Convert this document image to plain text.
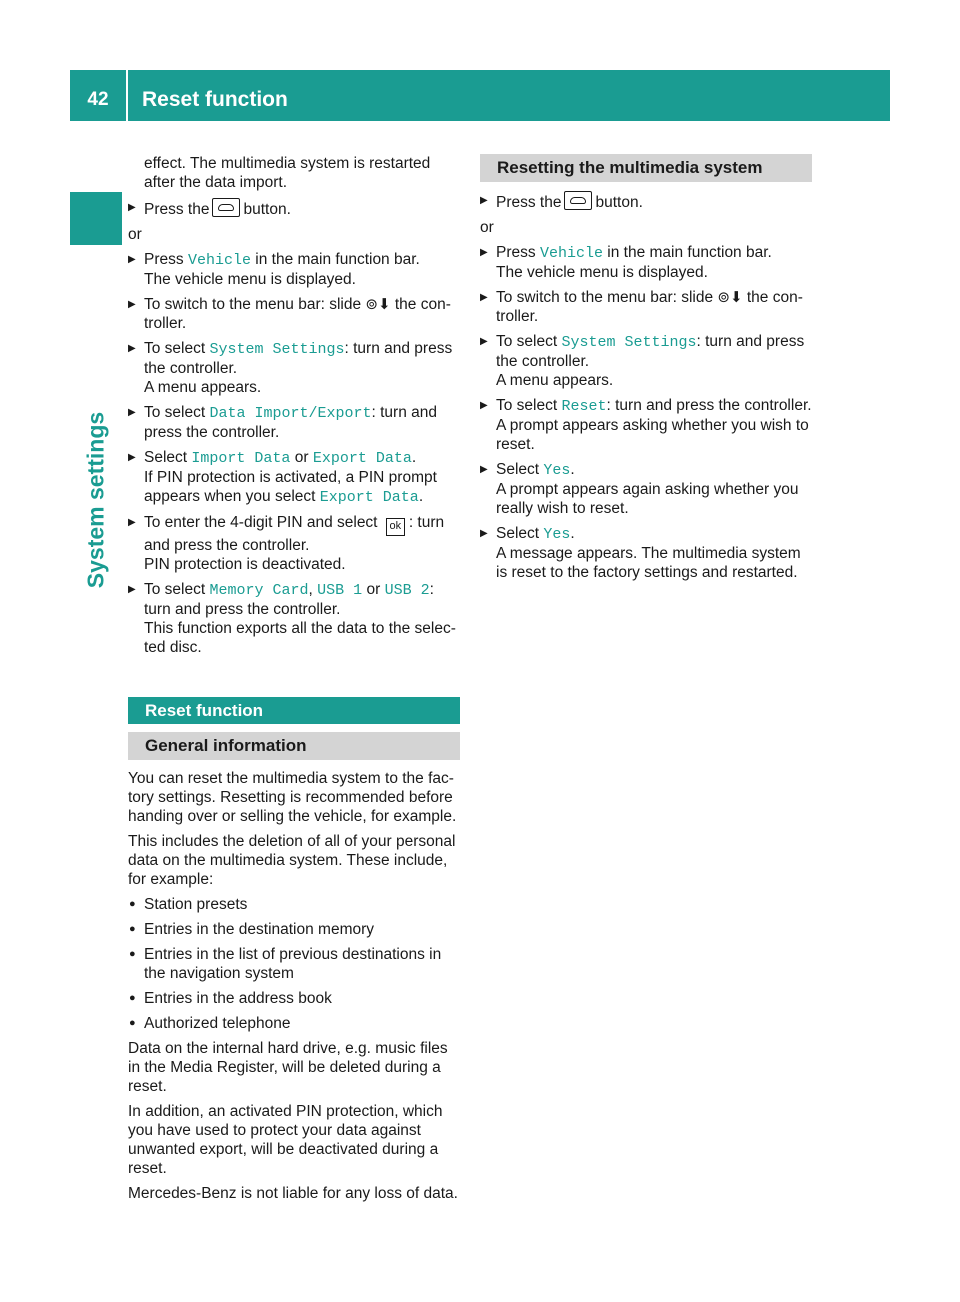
42	Reset function
System settings

effect. The multimedia system is restarted after the data import.

▶ Press the button.

or

▶ Press Vehicle in the main function bar.
The vehicle menu is displayed.
▶ To switch to the menu bar: slide ⊚⬇ the con-troller.
▶ To select System Settings: turn and press the controller.
A menu appears.
▶ To select Data Import/Export: turn and press the controller.
▶ Select Import Data or Export Data.
If PIN protection is activated, a PIN prompt appears when you select Export Data.
▶ To enter the 4-digit PIN and select ok : turn and press the controller.
PIN protection is deactivated.
▶ To select Memory Card, USB 1 or USB 2: turn and press the controller.
This function exports all the data to the selec-ted disc.
Reset function
General information

You can reset the multimedia system to the fac-tory settings. Resetting is recommended before handing over or selling the vehicle, for example.

This includes the deletion of all of your personal data on the multimedia system. These include, for example:

● Station presets
● Entries in the destination memory
● Entries in the list of previous destinations in the navigation system
● Entries in the address book
● Authorized telephone

Data on the internal hard drive, e.g. music files in the Media Register, will be deleted during a reset.

In addition, an activated PIN protection, which you have used to protect your data against unwanted export, will be deactivated during a reset.

Mercedes-Benz is not liable for any loss of data.

Resetting the multimedia system
▶ Press the button.

or

▶ Press Vehicle in the main function bar.
The vehicle menu is displayed.
▶ To switch to the menu bar: slide ⊚⬇ the con-troller.
▶ To select System Settings: turn and press the controller.
A menu appears.
▶ To select Reset: turn and press the controller.
A prompt appears asking whether you wish to reset.
▶ Select Yes.
A prompt appears again asking whether you really wish to reset.
▶ Select Yes.
A message appears. The multimedia system is reset to the factory settings and restarted.
